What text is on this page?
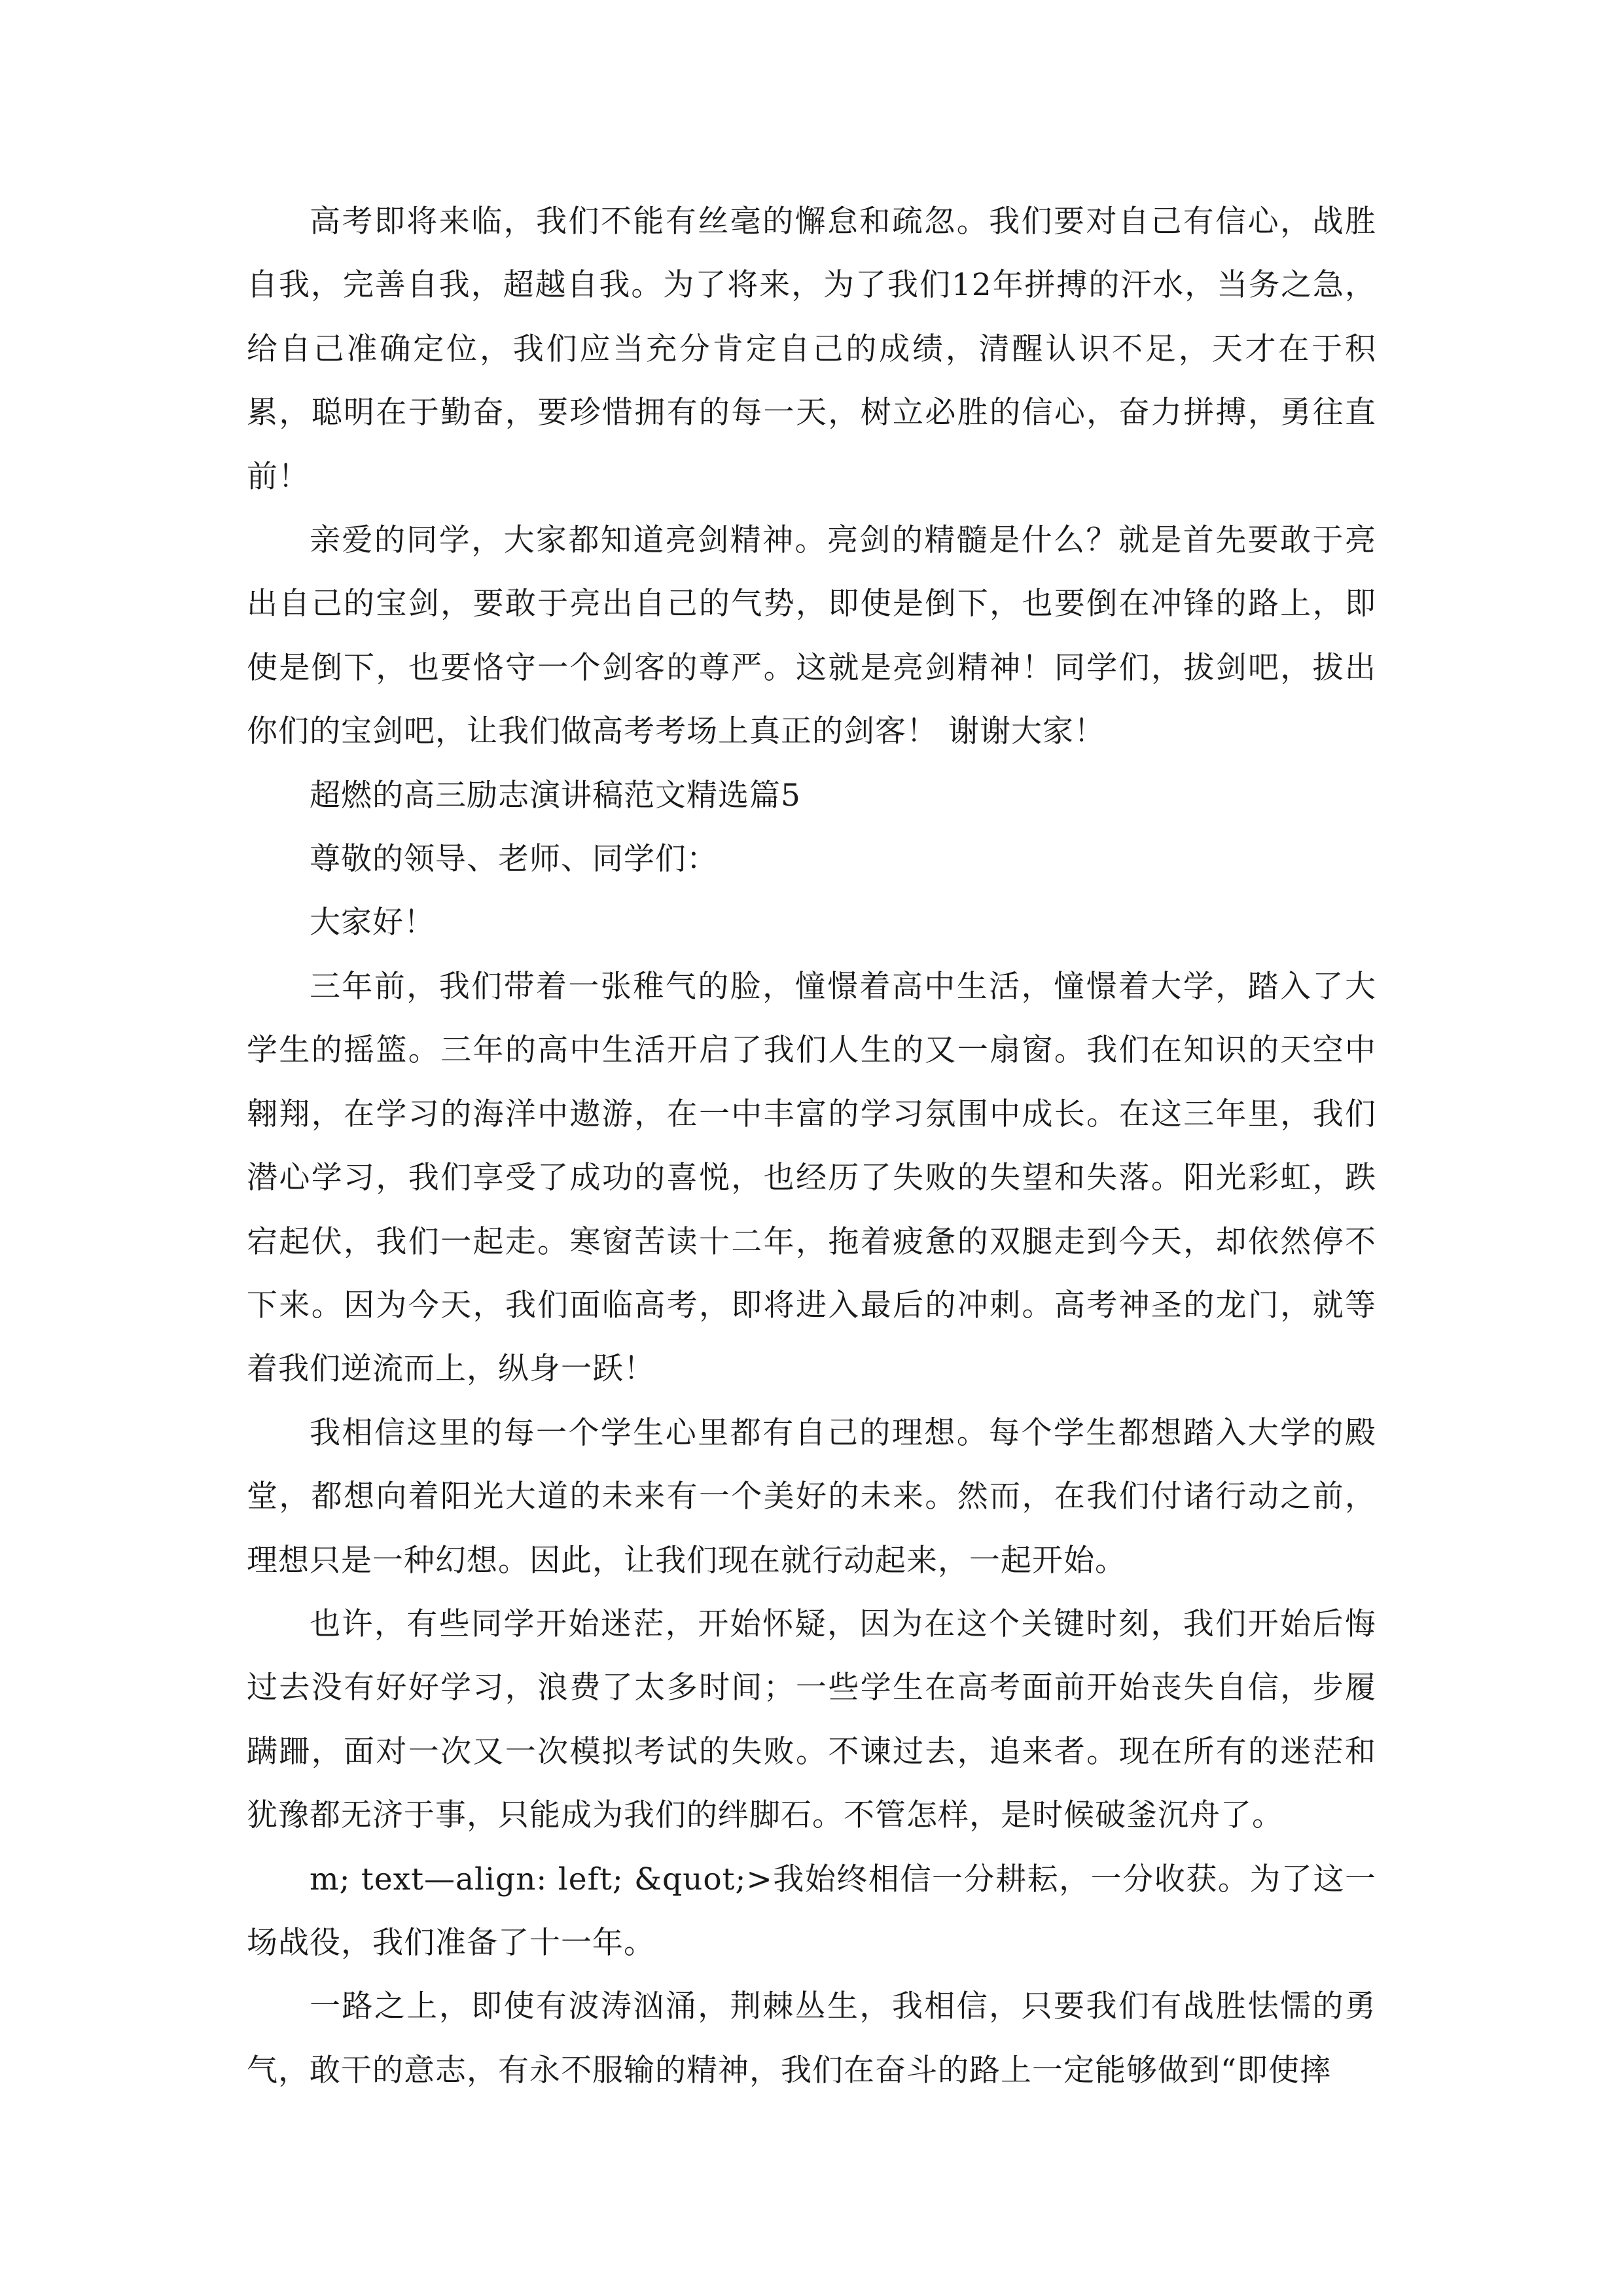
高考即将来临，我们不能有丝毫的懈怠和疏忽。我们要对自己有信心，战胜自我，完善自我，超越自我。为了将来，为了我们12年拼搏的汗水，当务之急，给自己准确定位，我们应当充分肯定自己的成绩，清醒认识不足，天才在于积累，聪明在于勤奋，要珍惜拥有的每一天，树立必胜的信心，奋力拼搏，勇往直前！

亲爱的同学，大家都知道亮剑精神。亮剑的精髓是什么？就是首先要敢于亮出自己的宝剑，要敢于亮出自己的气势，即使是倒下，也要倒在冲锋的路上，即使是倒下，也要恪守一个剑客的尊严。这就是亮剑精神！同学们，拔剑吧，拔出你们的宝剑吧，让我们做高考考场上真正的剑客！ 谢谢大家！

超燃的高三励志演讲稿范文精选篇5

尊敬的领导、老师、同学们：

大家好！

三年前，我们带着一张稚气的脸，憧憬着高中生活，憧憬着大学，踏入了大学生的摇篮。三年的高中生活开启了我们人生的又一扇窗。我们在知识的天空中翱翔，在学习的海洋中遨游，在一中丰富的学习氛围中成长。在这三年里，我们潜心学习，我们享受了成功的喜悦，也经历了失败的失望和失落。阳光彩虹，跌宕起伏，我们一起走。寒窗苦读十二年，拖着疲惫的双腿走到今天，却依然停不下来。因为今天，我们面临高考，即将进入最后的冲刺。高考神圣的龙门，就等着我们逆流而上，纵身一跃！

我相信这里的每一个学生心里都有自己的理想。每个学生都想踏入大学的殿堂，都想向着阳光大道的未来有一个美好的未来。然而，在我们付诸行动之前，理想只是一种幻想。因此，让我们现在就行动起来，一起开始。

也许，有些同学开始迷茫，开始怀疑，因为在这个关键时刻，我们开始后悔过去没有好好学习，浪费了太多时间；一些学生在高考面前开始丧失自信，步履蹒跚，面对一次又一次模拟考试的失败。不谏过去，追来者。现在所有的迷茫和犹豫都无济于事，只能成为我们的绊脚石。不管怎样，是时候破釜沉舟了。

m; text—align: left; &quot;>我始终相信一分耕耘，一分收获。为了这一场战役，我们准备了十一年。

一路之上，即使有波涛汹涌，荆棘丛生，我相信，只要我们有战胜怯懦的勇气，敢干的意志，有永不服输的精神，我们在奋斗的路上一定能够做到“即使摔
